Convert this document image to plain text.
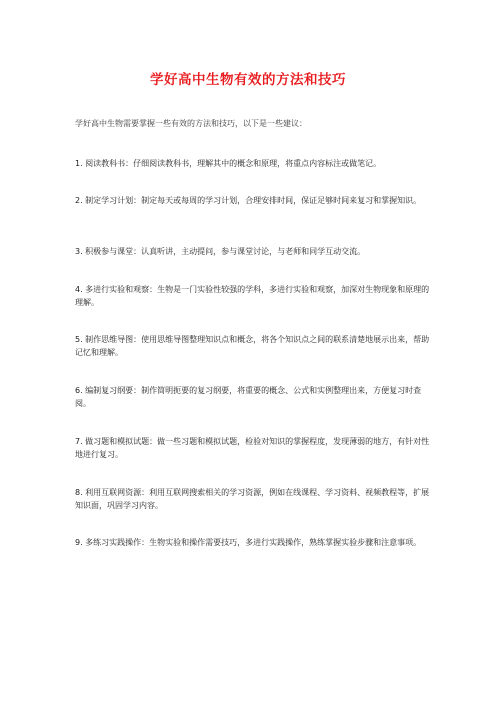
学好高中生物有效的方法和技巧

学好高中生物需要掌握一些有效的方法和技巧，以下是一些建议：

1. 阅读教科书：仔细阅读教科书，理解其中的概念和原理，将重点内容标注或做笔记。

2. 制定学习计划：制定每天或每周的学习计划，合理安排时间，保证足够时间来复习和掌握知识。

3. 积极参与课堂：认真听讲，主动提问，参与课堂讨论，与老师和同学互动交流。

4. 多进行实验和观察：生物是一门实验性较强的学科，多进行实验和观察，加深对生物现象和原理的理解。

5. 制作思维导图：使用思维导图整理知识点和概念，将各个知识点之间的联系清楚地展示出来，帮助记忆和理解。

6. 编制复习纲要：制作简明扼要的复习纲要，将重要的概念、公式和实例整理出来，方便复习时查阅。

7. 做习题和模拟试题：做一些习题和模拟试题，检验对知识的掌握程度，发现薄弱的地方，有针对性地进行复习。

8. 利用互联网资源：利用互联网搜索相关的学习资源，例如在线课程、学习资料、视频教程等，扩展知识面，巩固学习内容。

9. 多练习实践操作：生物实验和操作需要技巧，多进行实践操作，熟练掌握实验步骤和注意事项。
